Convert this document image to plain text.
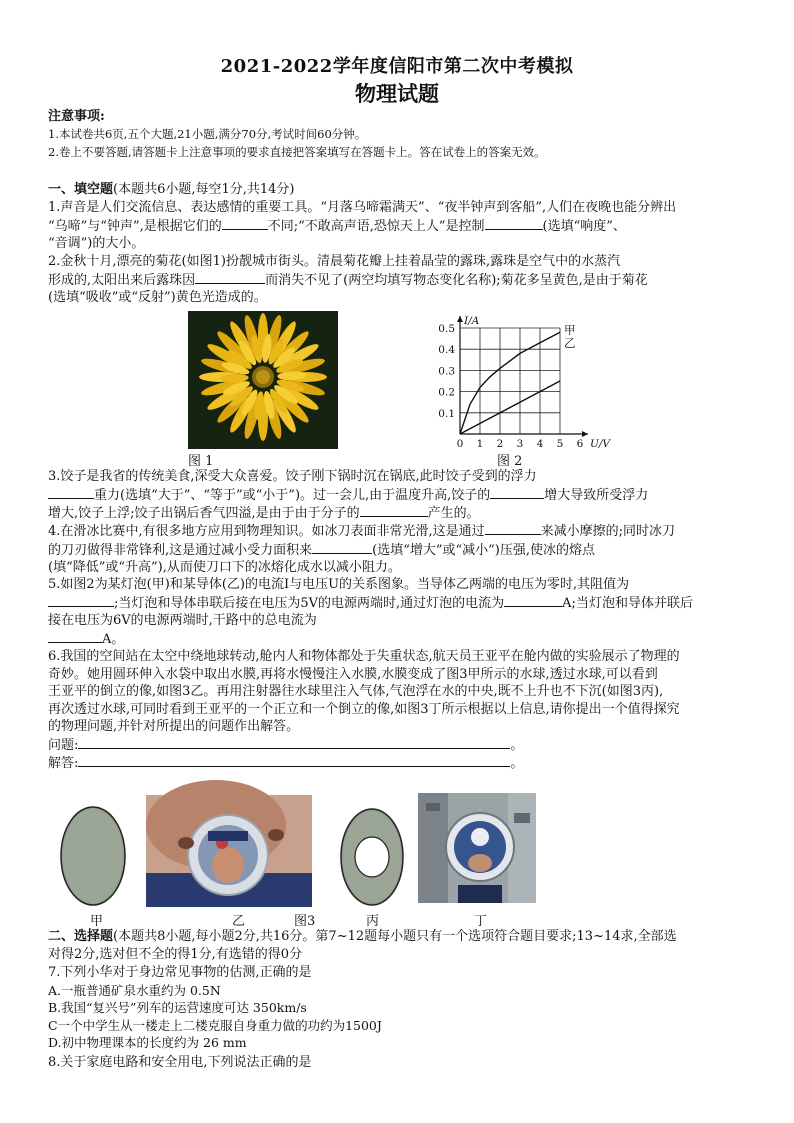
2021-2022学年度信阳市第二次中考模拟
物理试题
注意事项:
1.本试卷共6页,五个大题,21小题,满分70分,考试时间60分钟。
2.卷上不要答题,请答题卡上注意事项的要求直接把答案填写在答题卡上。答在试卷上的答案无效。
一、填空题(本题共6小题,每空1分,共14分)
1.声音是人们交流信息、表达感情的重要工具。“月落乌啼霜满天”、“夜半钟声到客船”,人们在夜晚也能分辨出
“乌啼”与“钟声”,是根据它们的	不同;“不敢高声语,恐惊天上人”是控制	(选填“响度”、
“音调”)的大小。
2.金秋十月,漂亮的菊花(如图1)扮靓城市街头。清晨菊花瓣上挂着晶莹的露珠,露珠是空气中的水蒸汽
形成的,太阳出来后露珠因	而消失不见了(两空均填写物态变化名称);菊花多呈黄色,是由于菊花
(选填“吸收”或“反射”)黄色光造成的。
图 1
0 1 2 3 4 5 6
0.1
0.2
0.3
0.4
0.5
U/V
I/A
甲
乙
图 2
3.饺子是我省的传统美食,深受大众喜爱。饺子刚下锅时沉在锅底,此时饺子受到的浮力
重力(选填“大于”、“等于”或“小于”)。过一会儿,由于温度升高,饺子的	增大导致所受浮力
增大,饺子上浮;饺子出锅后香气四溢,是由于由于分子的	产生的。
4.在滑冰比赛中,有很多地方应用到物理知识。如冰刀表面非常光滑,这是通过	来减小摩擦的;同时冰刀
的刀刃做得非常锋利,这是通过减小受力面积来	(选填“增大”或“减小”)压强,使冰的熔点
(填“降低”或“升高”),从而使刀口下的冰熔化成水以减小阻力。
5.如图2为某灯泡(甲)和某导体(乙)的电流I与电压U的关系图象。当导体乙两端的电压为零时,其阻值为
;当灯泡和导体串联后接在电压为5V的电源两端时,通过灯泡的电流为	A;当灯泡和导体并联后
接在电压为6V的电源两端时,干路中的总电流为
A。
6.我国的空间站在太空中绕地球转动,舱内人和物体都处于失重状态,航天员王亚平在舱内做的实验展示了物理的
奇妙。她用圆环伸入水袋中取出水膜,再将水慢慢注入水膜,水膜变成了图3甲所示的水球,透过水球,可以看到
王亚平的倒立的像,如图3乙。再用注射器往水球里注入气体,气泡浮在水的中央,既不上升也不下沉(如图3丙),
再次透过水球,可同时看到王亚平的一个正立和一个倒立的像,如图3丁所示根据以上信息,请你提出一个值得探究
的物理问题,并针对所提出的问题作出解答。
问题:	。
解答:	。
甲	乙	图3	丙	丁
二、选择题(本题共8小题,每小题2分,共16分。第7~12题每小题只有一个选项符合题目要求;13~14求,全部选
对得2分,选对但不全的得1分,有选错的得0分
7.下列小华对于身边常见事物的估测,正确的是
A.一瓶普通矿泉水重约为 0.5N
B.我国“复兴号”列车的运营速度可达 350km/s
C一个中学生从一楼走上二楼克服自身重力做的功约为1500J
D.初中物理课本的长度约为 26 mm
8.关于家庭电路和安全用电,下列说法正确的是
